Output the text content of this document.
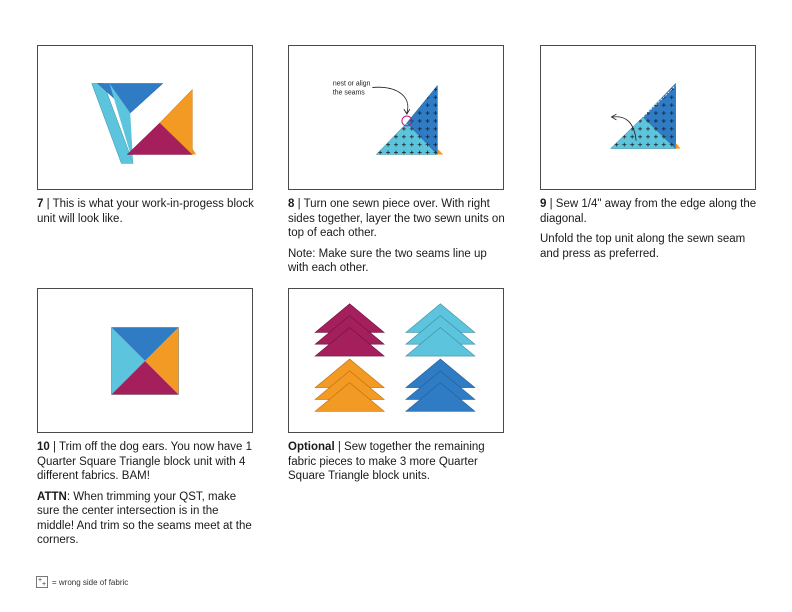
7 | This is what your work-in-progess block unit will look like.

nest or align
the seams

8 | Turn one sewn piece over. With right sides together, layer the two sewn units on top of each other.

Note: Make sure the two seams line up with each other.

9 | Sew 1/4" away from the edge along the diagonal.

Unfold the top unit along the sewn seam and press as preferred.

10 | Trim off the dog ears. You now have 1 Quarter Square Triangle block unit with 4 different fabrics. BAM!

ATTN: When trimming your QST, make sure the center intersection is in the middle! And trim so the seams meet at the corners.

Optional | Sew together the remaining fabric pieces to make 3 more Quarter Square Triangle block units.

+
+ = wrong side of fabric
